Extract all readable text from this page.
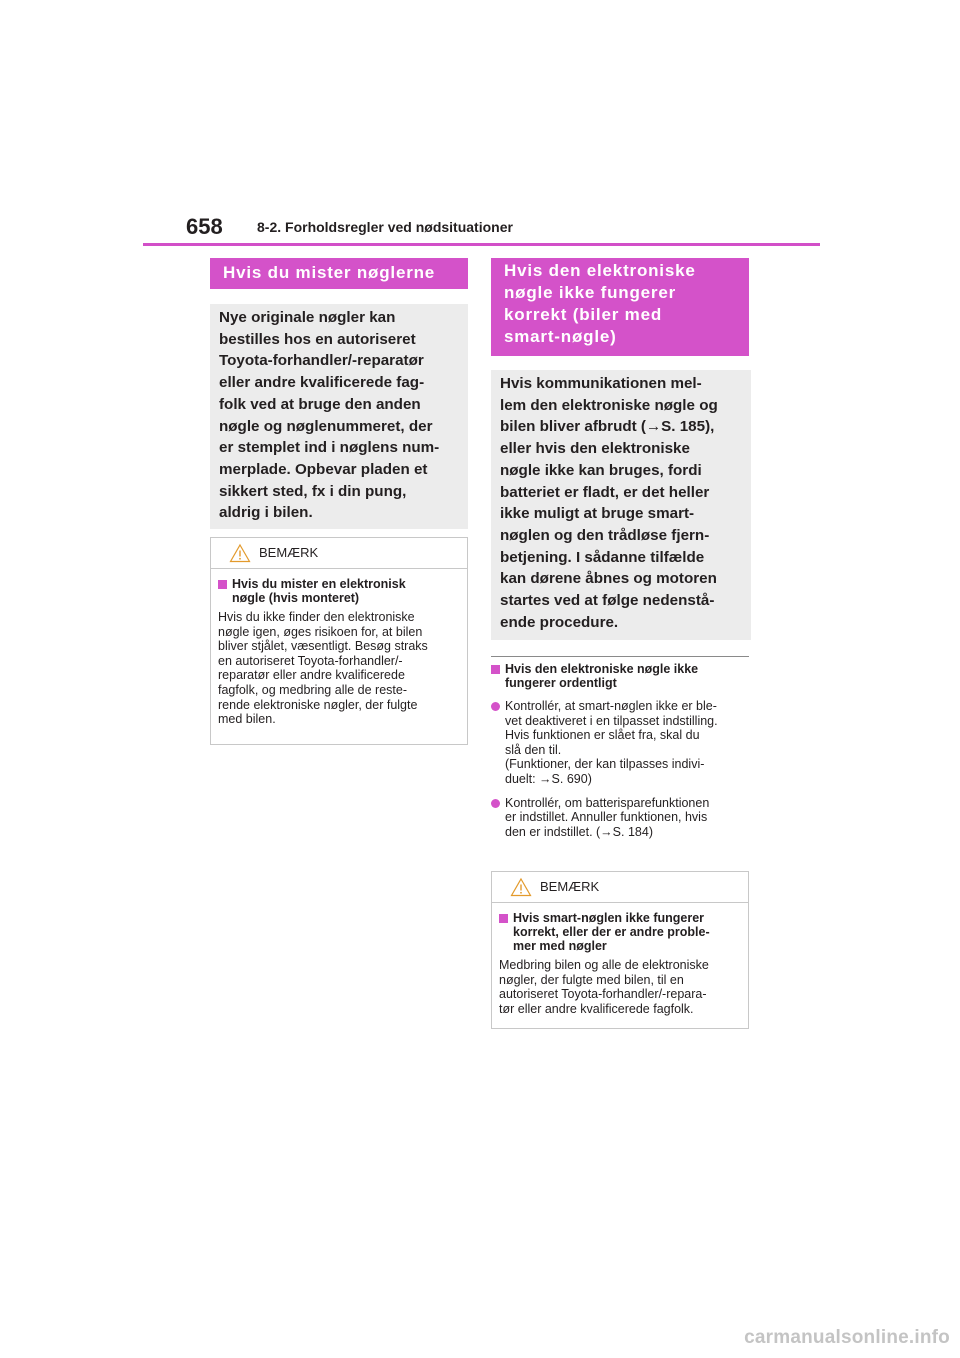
658 8-2. Forholdsregler ved nødsituationer
Hvis du mister nøglerne
Nye originale nøgler kan
bestilles hos en autoriseret
Toyota-forhandler/-reparatør
eller andre kvalificerede fag-
folk ved at bruge den anden
nøgle og nøglenummeret, der
er stemplet ind i nøglens num-
merplade. Opbevar pladen et
sikkert sted, fx i din pung,
aldrig i bilen.
BEMÆRK
Hvis du mister en elektronisk
nøgle (hvis monteret)
Hvis du ikke finder den elektroniske
nøgle igen, øges risikoen for, at bilen
bliver stjålet, væsentligt. Besøg straks
en autoriseret Toyota-forhandler/-
reparatør eller andre kvalificerede
fagfolk, og medbring alle de reste-
rende elektroniske nøgler, der fulgte
med bilen.
Hvis den elektroniske
nøgle ikke fungerer
korrekt (biler med
smart-nøgle)
Hvis kommunikationen mel-
lem den elektroniske nøgle og
bilen bliver afbrudt (→S. 185),
eller hvis den elektroniske
nøgle ikke kan bruges, fordi
batteriet er fladt, er det heller
ikke muligt at bruge smart-
nøglen og den trådløse fjern-
betjening. I sådanne tilfælde
kan dørene åbnes og motoren
startes ved at følge nedenstå-
ende procedure.
Hvis den elektroniske nøgle ikke
fungerer ordentligt
Kontrollér, at smart-nøglen ikke er ble-
vet deaktiveret i en tilpasset indstilling.
Hvis funktionen er slået fra, skal du
slå den til.
(Funktioner, der kan tilpasses indivi-
duelt: →S. 690)
Kontrollér, om batterisparefunktionen
er indstillet. Annuller funktionen, hvis
den er indstillet. (→S. 184)
BEMÆRK
Hvis smart-nøglen ikke fungerer
korrekt, eller der er andre proble-
mer med nøgler
Medbring bilen og alle de elektroniske
nøgler, der fulgte med bilen, til en
autoriseret Toyota-forhandler/-repara-
tør eller andre kvalificerede fagfolk.
carmanualsonline.info
